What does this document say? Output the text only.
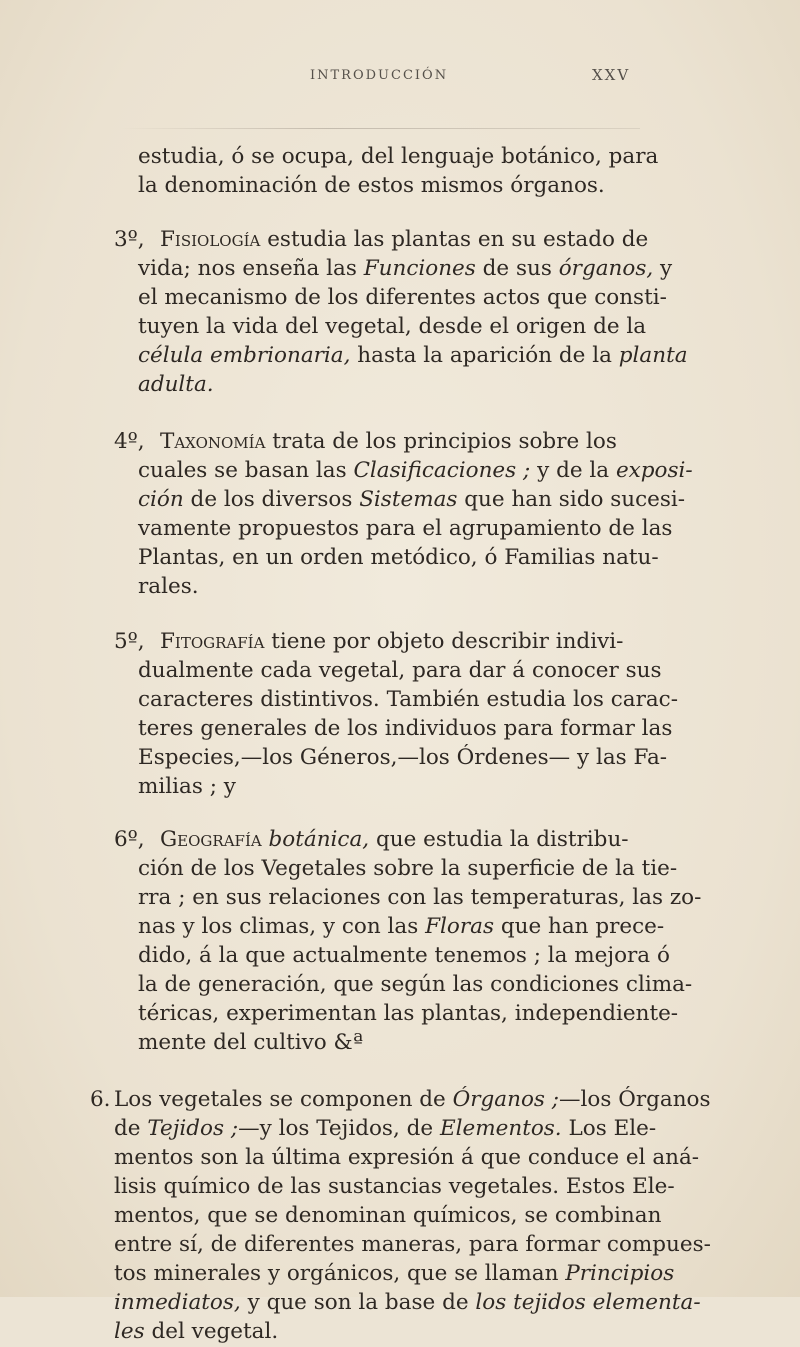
INTRODUCCIÓN	XXV
estudia, ó se ocupa, del lenguaje botánico, para
la denominación de estos mismos órganos.
3º, Fisiología estudia las plantas en su estado de
vida; nos enseña las Funciones de sus órganos, y
el mecanismo de los diferentes actos que consti-
tuyen la vida del vegetal, desde el origen de la
célula embrionaria, hasta la aparición de la planta
adulta.
4º, Taxonomía trata de los principios sobre los
cuales se basan las Clasificaciones ; y de la exposi-
ción de los diversos Sistemas que han sido sucesi-
vamente propuestos para el agrupamiento de las
Plantas, en un orden metódico, ó Familias natu-
rales.
5º, Fitografía tiene por objeto describir indivi-
dualmente cada vegetal, para dar á conocer sus
caracteres distintivos. También estudia los carac-
teres generales de los individuos para formar las
Especies,—los Géneros,—los Órdenes— y las Fa-
milias ; y
6º, Geografía botánica, que estudia la distribu-
ción de los Vegetales sobre la superficie de la tie-
rra ; en sus relaciones con las temperaturas, las zo-
nas y los climas, y con las Floras que han prece-
dido, á la que actualmente tenemos ; la mejora ó
la de generación, que según las condiciones clima-
téricas, experimentan las plantas, independiente-
mente del cultivo &ª
6. Los vegetales se componen de Órganos ;—los Órganos
de Tejidos ;—y los Tejidos, de Elementos. Los Ele-
mentos son la última expresión á que conduce el aná-
lisis químico de las sustancias vegetales. Estos Ele-
mentos, que se denominan químicos, se combinan
entre sí, de diferentes maneras, para formar compues-
tos minerales y orgánicos, que se llaman Principios
inmediatos, y que son la base de los tejidos elementa-
les del vegetal.
